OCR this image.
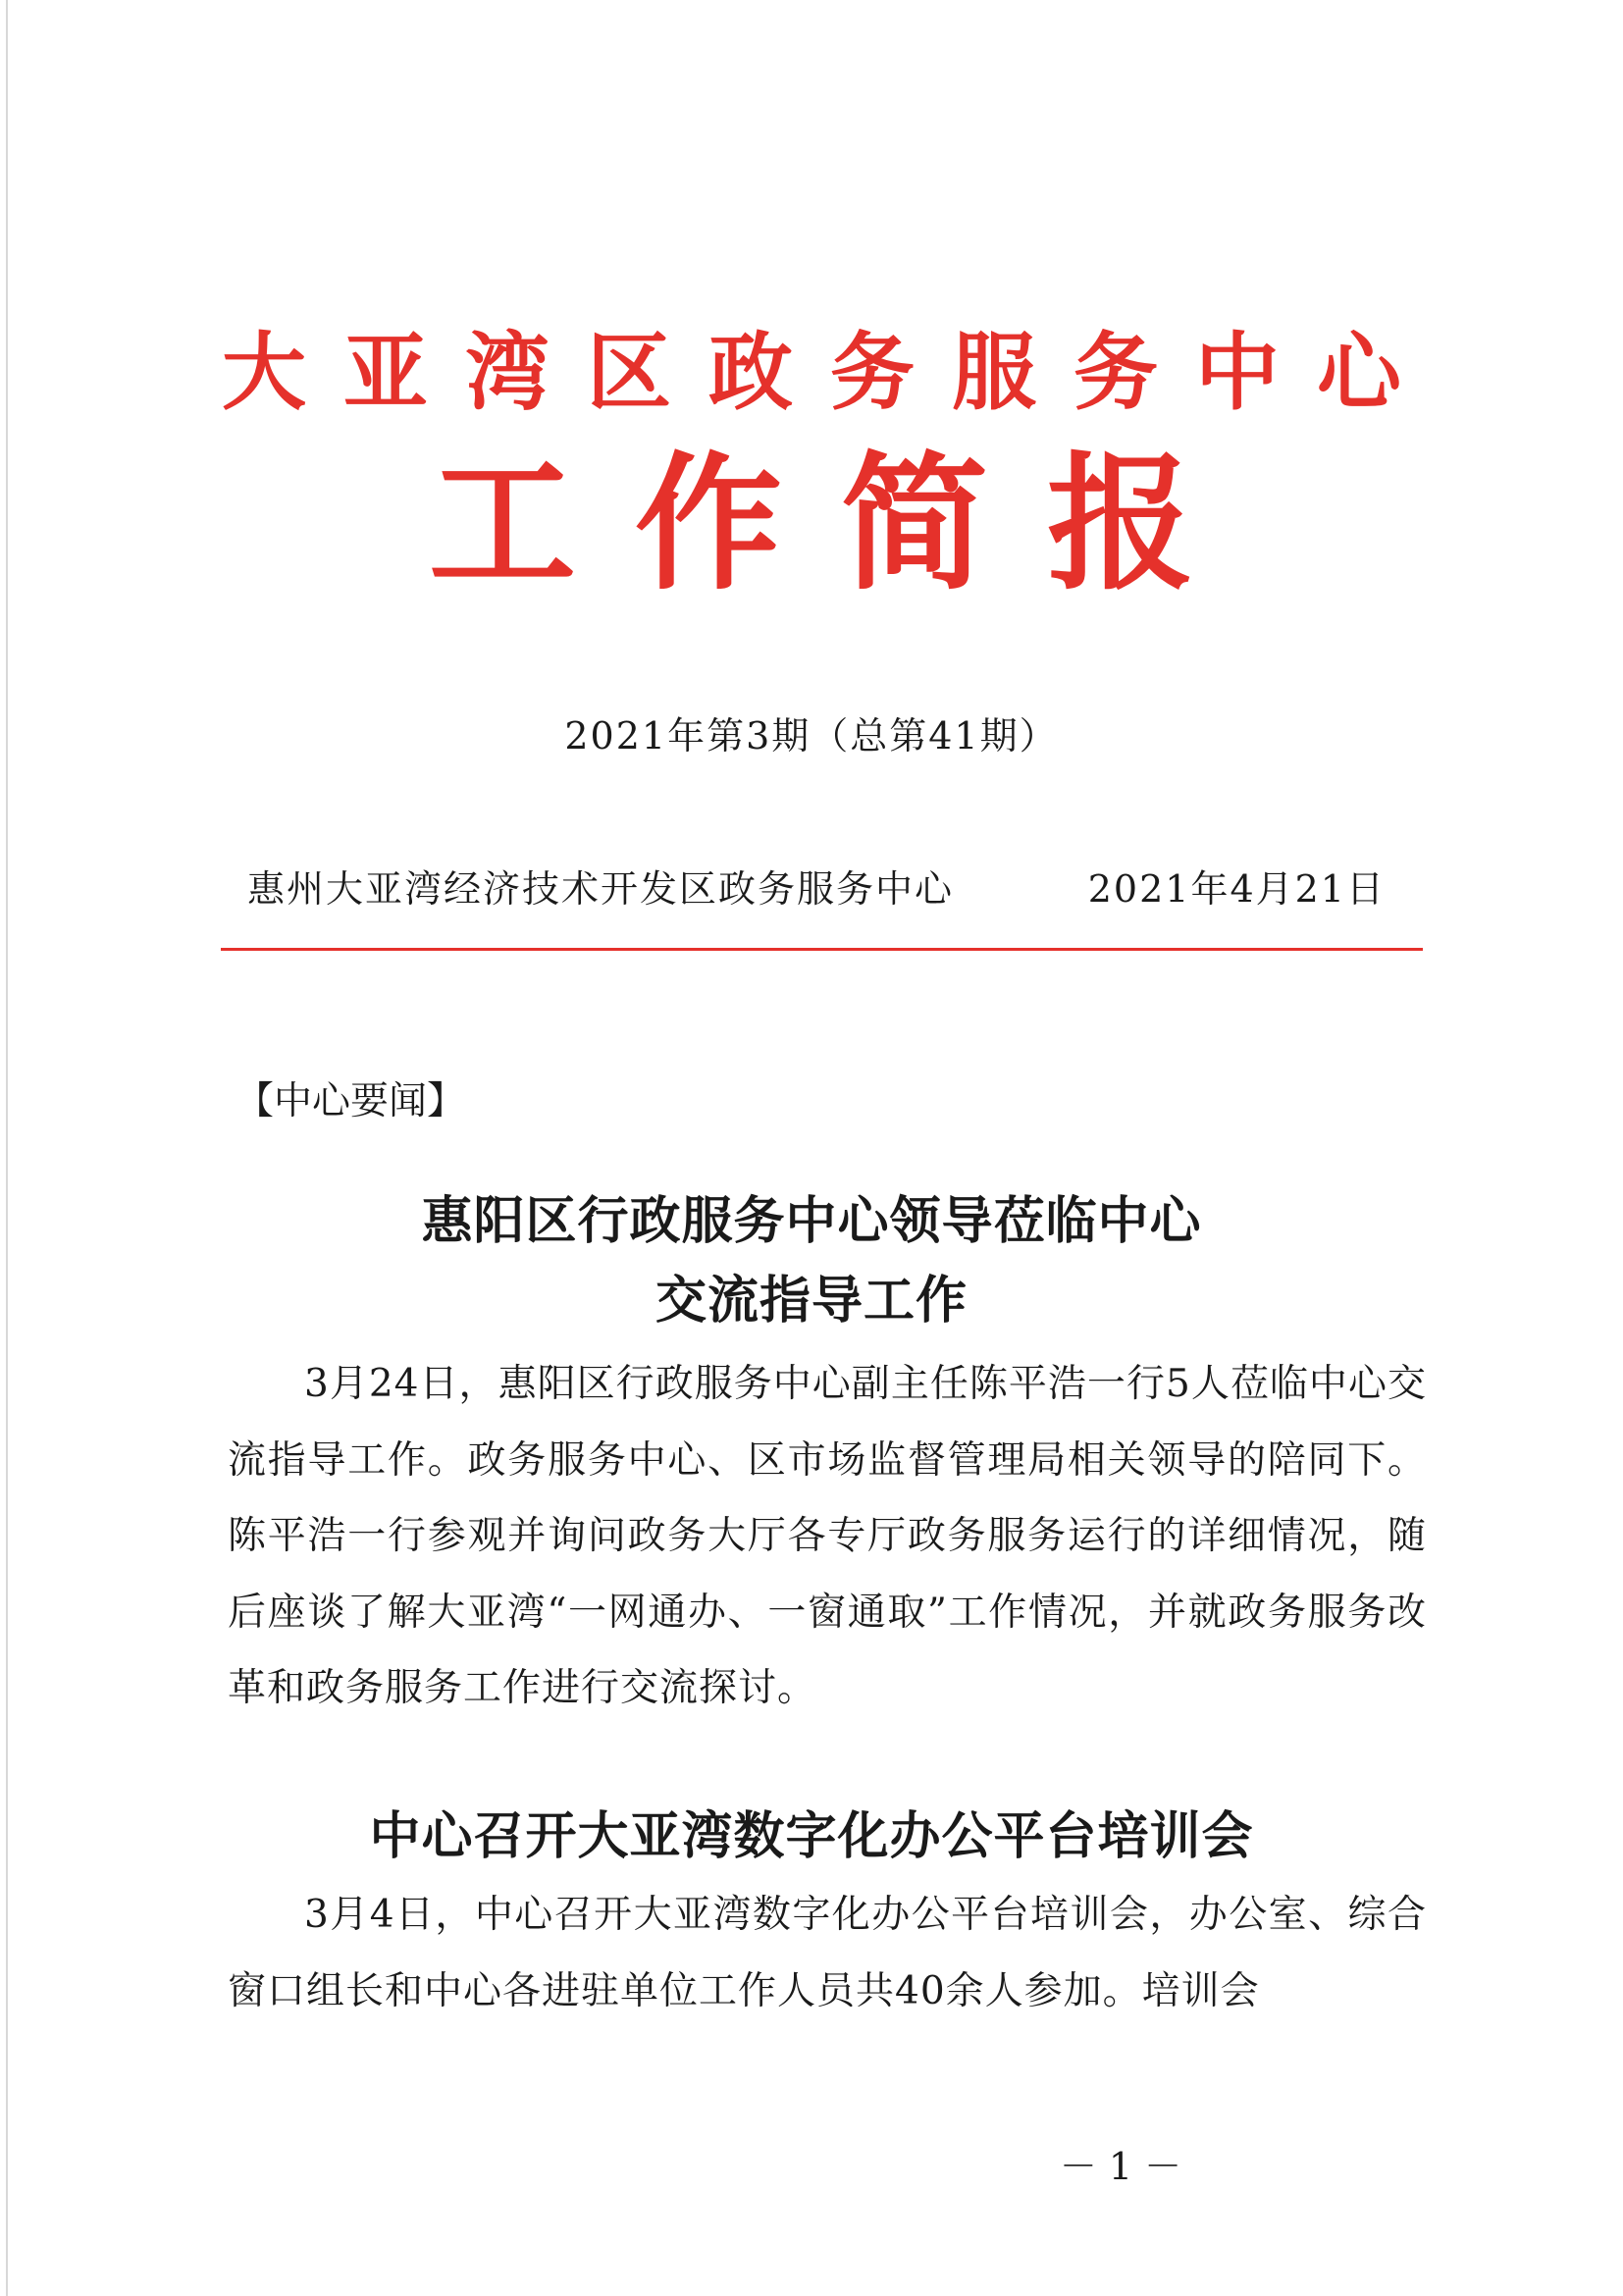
大亚湾区政务服务中心
工作简报
2021年第3期（总第41期）
惠州大亚湾经济技术开发区政务服务中心	2021年4月21日
【中心要闻】
惠阳区行政服务中心领导莅临中心
交流指导工作

3月24日，惠阳区行政服务中心副主任陈平浩一行5人莅临中心交流指导工作。政务服务中心、区市场监督管理局相关领导的陪同下。陈平浩一行参观并询问政务大厅各专厅政务服务运行的详细情况，随后座谈了解大亚湾“一网通办、一窗通取”工作情况，并就政务服务改革和政务服务工作进行交流探讨。

中心召开大亚湾数字化办公平台培训会

3月4日，中心召开大亚湾数字化办公平台培训会，办公室、综合窗口组长和中心各进驻单位工作人员共40余人参加。培训会

－ 1 －
